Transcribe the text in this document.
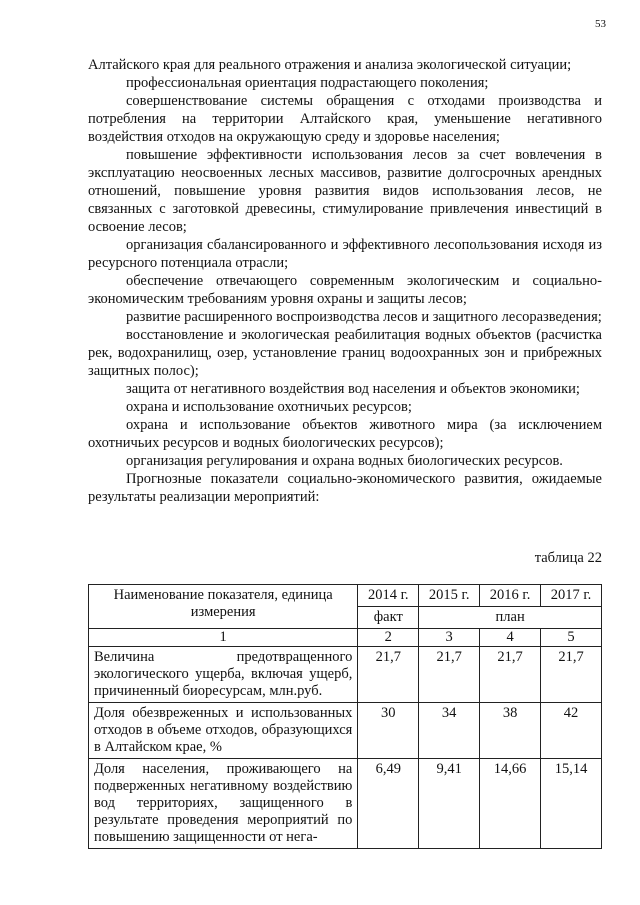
53

Алтайского края для реального отражения и анализа экологической ситуации;

профессиональная ориентация подрастающего поколения;

совершенствование системы обращения с отходами производства и потребления на территории Алтайского края, уменьшение негативного воздействия отходов на окружающую среду и здоровье населения;

повышение эффективности использования лесов за счет вовлечения в эксплуатацию неосвоенных лесных массивов, развитие долгосрочных арендных отношений, повышение уровня развития видов использования лесов, не связанных с заготовкой древесины, стимулирование привлечения инвестиций в освоение лесов;

организация сбалансированного и эффективного лесопользования исходя из ресурсного потенциала отрасли;

обеспечение отвечающего современным экологическим и социально-экономическим требованиям уровня охраны и защиты лесов;

развитие расширенного воспроизводства лесов и защитного лесоразведения;

восстановление и экологическая реабилитация водных объектов (расчистка рек, водохранилищ, озер, установление границ водоохранных зон и прибрежных защитных полос);

защита от негативного воздействия вод населения и объектов экономики;

охрана и использование охотничьих ресурсов;

охрана и использование объектов животного мира (за исключением охотничьих ресурсов и водных биологических ресурсов);

организация регулирования и охрана водных биологических ресурсов.

Прогнозные показатели социально-экономического развития, ожидаемые результаты реализации мероприятий:

таблица 22
Наименование показателя, единица измерения	2014 г.	2015 г.	2016 г.	2017 г.
	факт	план		
1	2	3	4	5
Величина предотвращенного экологического ущерба, включая ущерб, причиненный биоресурсам, млн.руб.	21,7	21,7	21,7	21,7
Доля обезвреженных и использованных отходов в объеме отходов, образующихся в Алтайском крае, %	30	34	38	42
Доля населения, проживающего на подверженных негативному воздействию вод территориях, защищенного в результате проведения мероприятий по повышению защищенности от нега-	6,49	9,41	14,66	15,14
